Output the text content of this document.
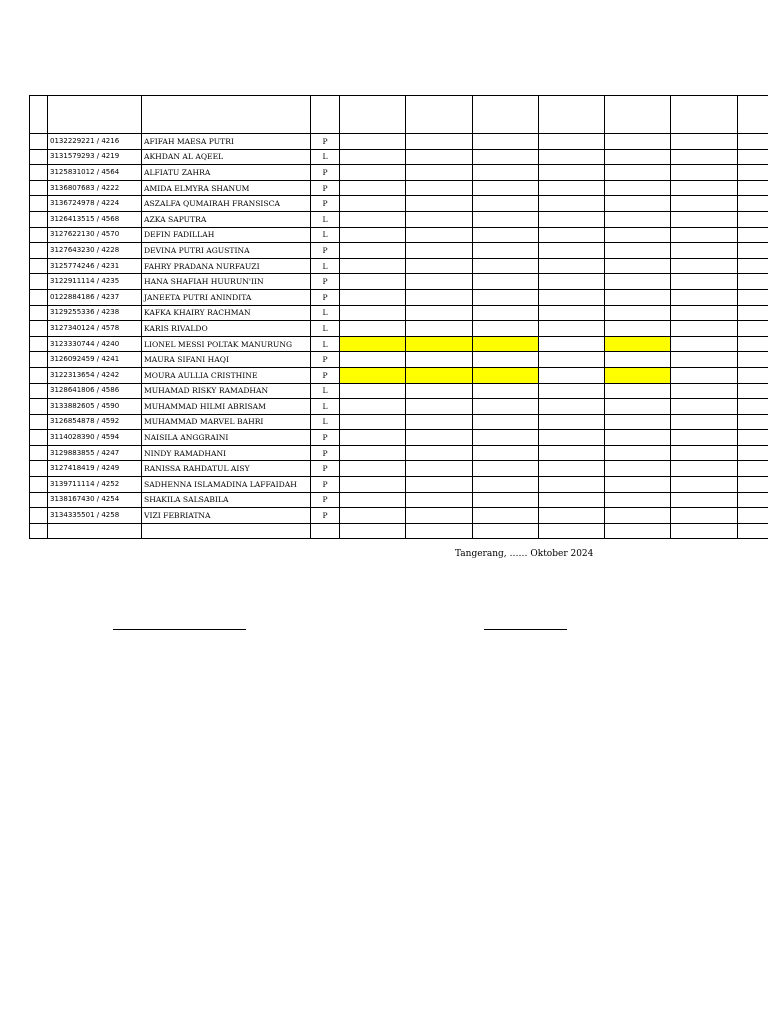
	0132229221 / 4216	AFIFAH MAESA PUTRI	P							
	3131579293 / 4219	AKHDAN AL AQEEL	L							
	3125831012 / 4564	ALFIATU ZAHRA	P							
	3136807683 / 4222	AMIDA ELMYRA SHANUM	P							
	3136724978 / 4224	ASZALFA QUMAIRAH FRANSISCA	P							
	3126413515 / 4568	AZKA SAPUTRA	L							
	3127622130 / 4570	DEFIN FADILLAH	L							
	3127643230 / 4228	DEVINA PUTRI AGUSTINA	P							
	3125774246 / 4231	FAHRY PRADANA NURFAUZI	L							
	3122911114 / 4235	HANA SHAFIAH HUURUN'IIN	P							
	0122884186 / 4237	JANEETA PUTRI ANINDITA	P							
	3129255336 / 4238	KAFKA KHAIRY RACHMAN	L							
	3127340124 / 4578	KARIS RIVALDO	L							
	3123330744 / 4240	LIONEL MESSI POLTAK MANURUNG	L							
	3126092459 / 4241	MAURA SIFANI HAQI	P							
	3122313654 / 4242	MOURA AULLIA CRISTHINE	P							
	3128641806 / 4586	MUHAMAD RISKY RAMADHAN	L							
	3133882605 / 4590	MUHAMMAD HILMI ABRISAM	L							
	3126854878 / 4592	MUHAMMAD MARVEL BAHRI	L							
	3114028390 / 4594	NAISILA ANGGRAINI	P							
	3129883855 / 4247	NINDY RAMADHANI	P							
	3127418419 / 4249	RANISSA RAHDATUL AISY	P							
	3139711114 / 4252	SADHENNA ISLAMADINA LAFFAIDAH	P							
	3138167430 / 4254	SHAKILA SALSABILA	P							
	3134335501 / 4258	VIZI FEBRIATNA	P							

Tangerang, …… Oktober 2024
